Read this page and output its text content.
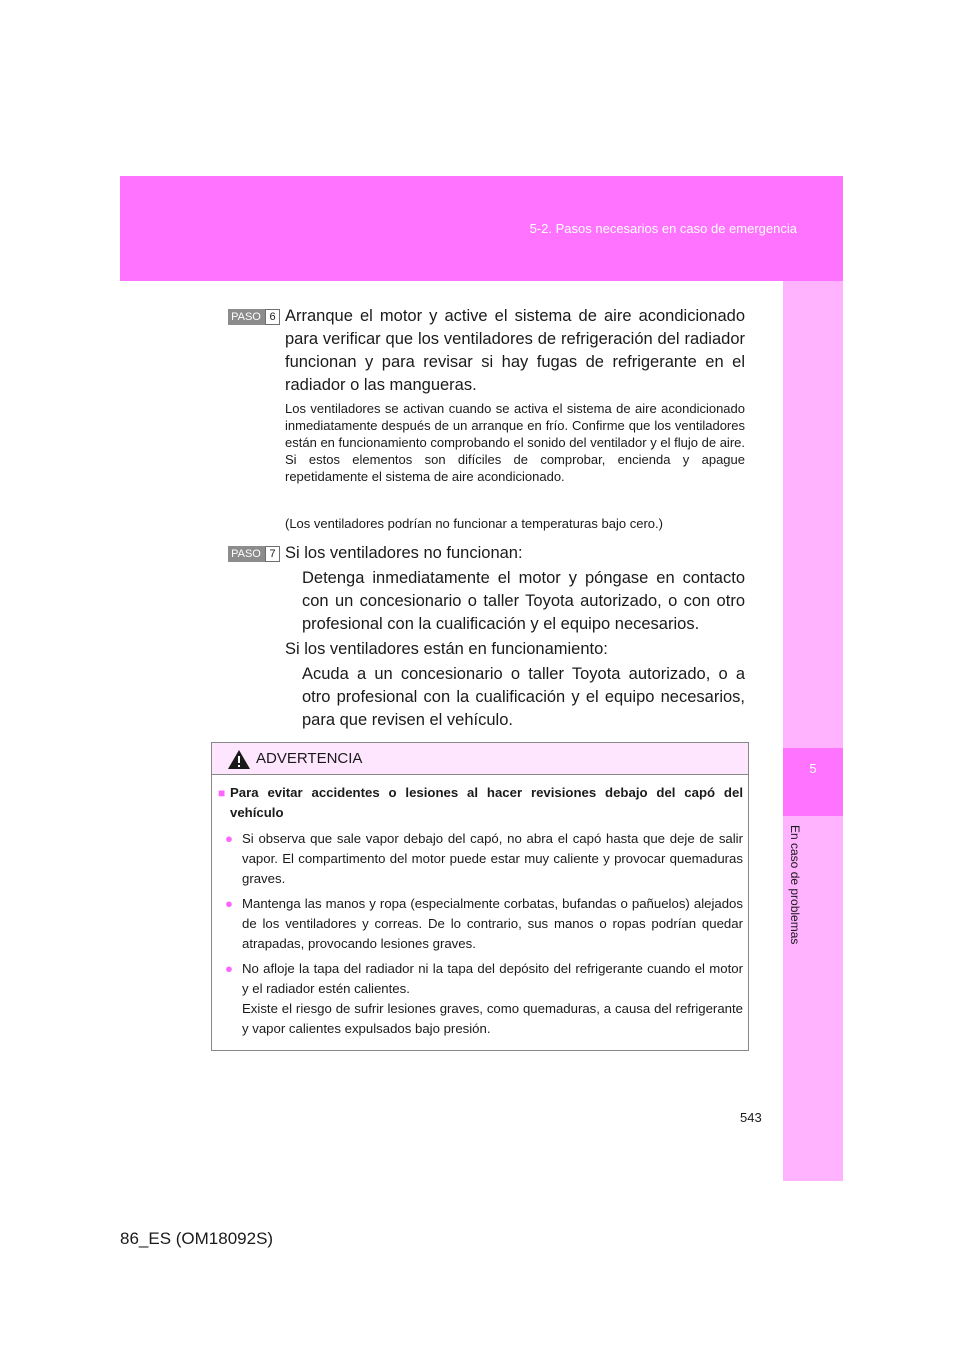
5-2. Pasos necesarios en caso de emergencia
5
En caso de problemas
PASO 6 Arranque el motor y active el sistema de aire acondicionado para verificar que los ventiladores de refrigeración del radiador funcionan y para revisar si hay fugas de refrigerante en el radiador o las mangueras.
Los ventiladores se activan cuando se activa el sistema de aire acondicionado inmediatamente después de un arranque en frío. Confirme que los ventiladores están en funcionamiento comprobando el sonido del ventilador y el flujo de aire. Si estos elementos son difíciles de comprobar, encienda y apague repetidamente el sistema de aire acondicionado.
(Los ventiladores podrían no funcionar a temperaturas bajo cero.)
PASO 7 Si los ventiladores no funcionan:
Detenga inmediatamente el motor y póngase en contacto con un concesionario o taller Toyota autorizado, o con otro profesional con la cualificación y el equipo necesarios.
Si los ventiladores están en funcionamiento:
Acuda a un concesionario o taller Toyota autorizado, o a otro profesional con la cualificación y el equipo necesarios, para que revisen el vehículo.
ADVERTENCIA
■ Para evitar accidentes o lesiones al hacer revisiones debajo del capó del vehículo
● Si observa que sale vapor debajo del capó, no abra el capó hasta que deje de salir vapor. El compartimento del motor puede estar muy caliente y provocar quemaduras graves.
● Mantenga las manos y ropa (especialmente corbatas, bufandas o pañuelos) alejados de los ventiladores y correas. De lo contrario, sus manos o ropas podrían quedar atrapadas, provocando lesiones graves.
● No afloje la tapa del radiador ni la tapa del depósito del refrigerante cuando el motor y el radiador estén calientes.
Existe el riesgo de sufrir lesiones graves, como quemaduras, a causa del refrigerante y vapor calientes expulsados bajo presión.
543
86_ES (OM18092S)
